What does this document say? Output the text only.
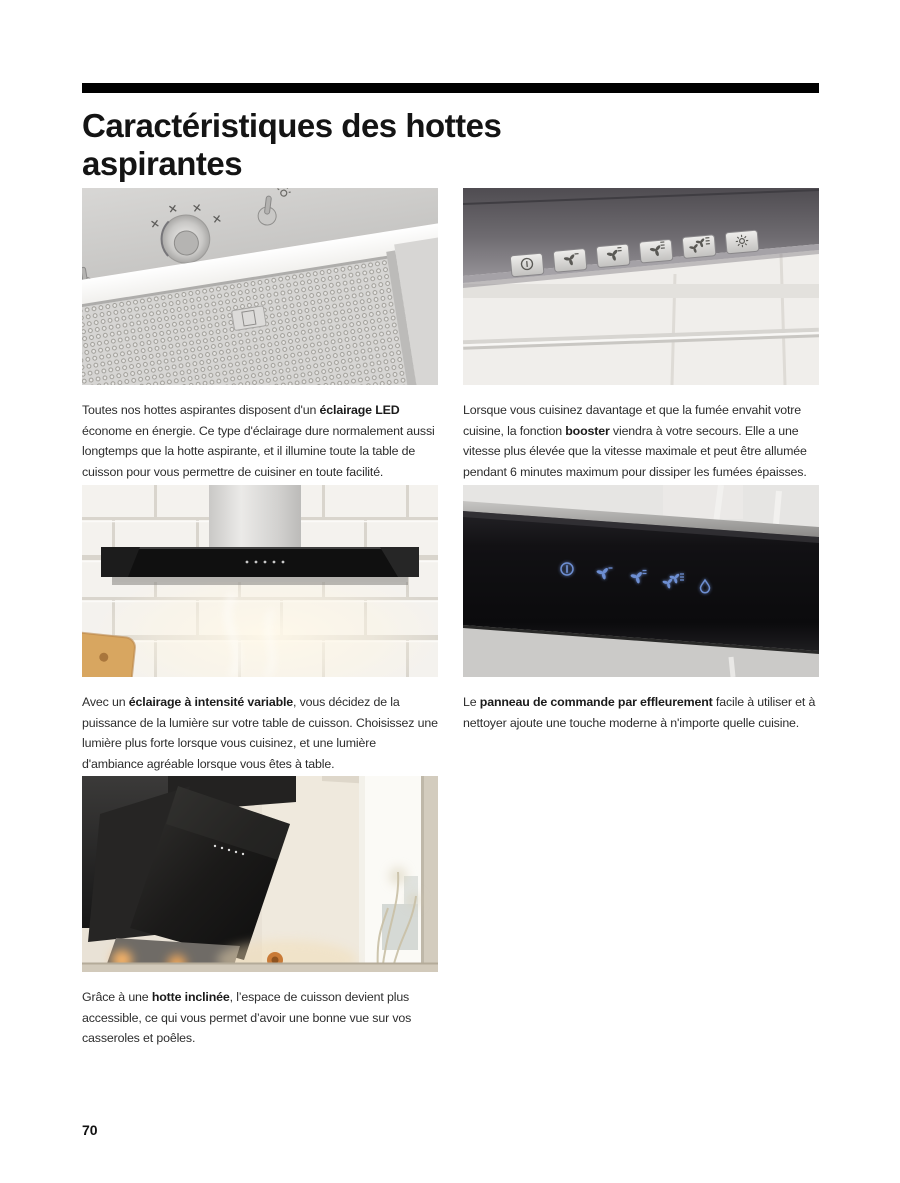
Caractéristiques des hottes aspirantes

Toutes nos hottes aspirantes disposent d'un éclairage LED économe en énergie. Ce type d'éclairage dure normalement aussi longtemps que la hotte aspirante, et il illumine toute la table de cuisson pour vous permettre de cuisiner en toute facilité.

Lorsque vous cuisinez davantage et que la fumée envahit votre cuisine, la fonction booster viendra à votre secours. Elle a une vitesse plus élevée que la vitesse maximale et peut être allumée pendant 6 minutes maximum pour dissiper les fumées épaisses.

Avec un éclairage à intensité variable, vous décidez de la puissance de la lumière sur votre table de cuisson. Choisissez une lumière plus forte lorsque vous cuisinez, et une lumière d'ambiance agréable lorsque vous êtes à table.

Le panneau de commande par effleurement facile à utiliser et à nettoyer ajoute une touche moderne à n'importe quelle cuisine.

Grâce à une hotte inclinée, l’espace de cuisson devient plus accessible, ce qui vous permet d’avoir une bonne vue sur vos casseroles et poêles.

70
